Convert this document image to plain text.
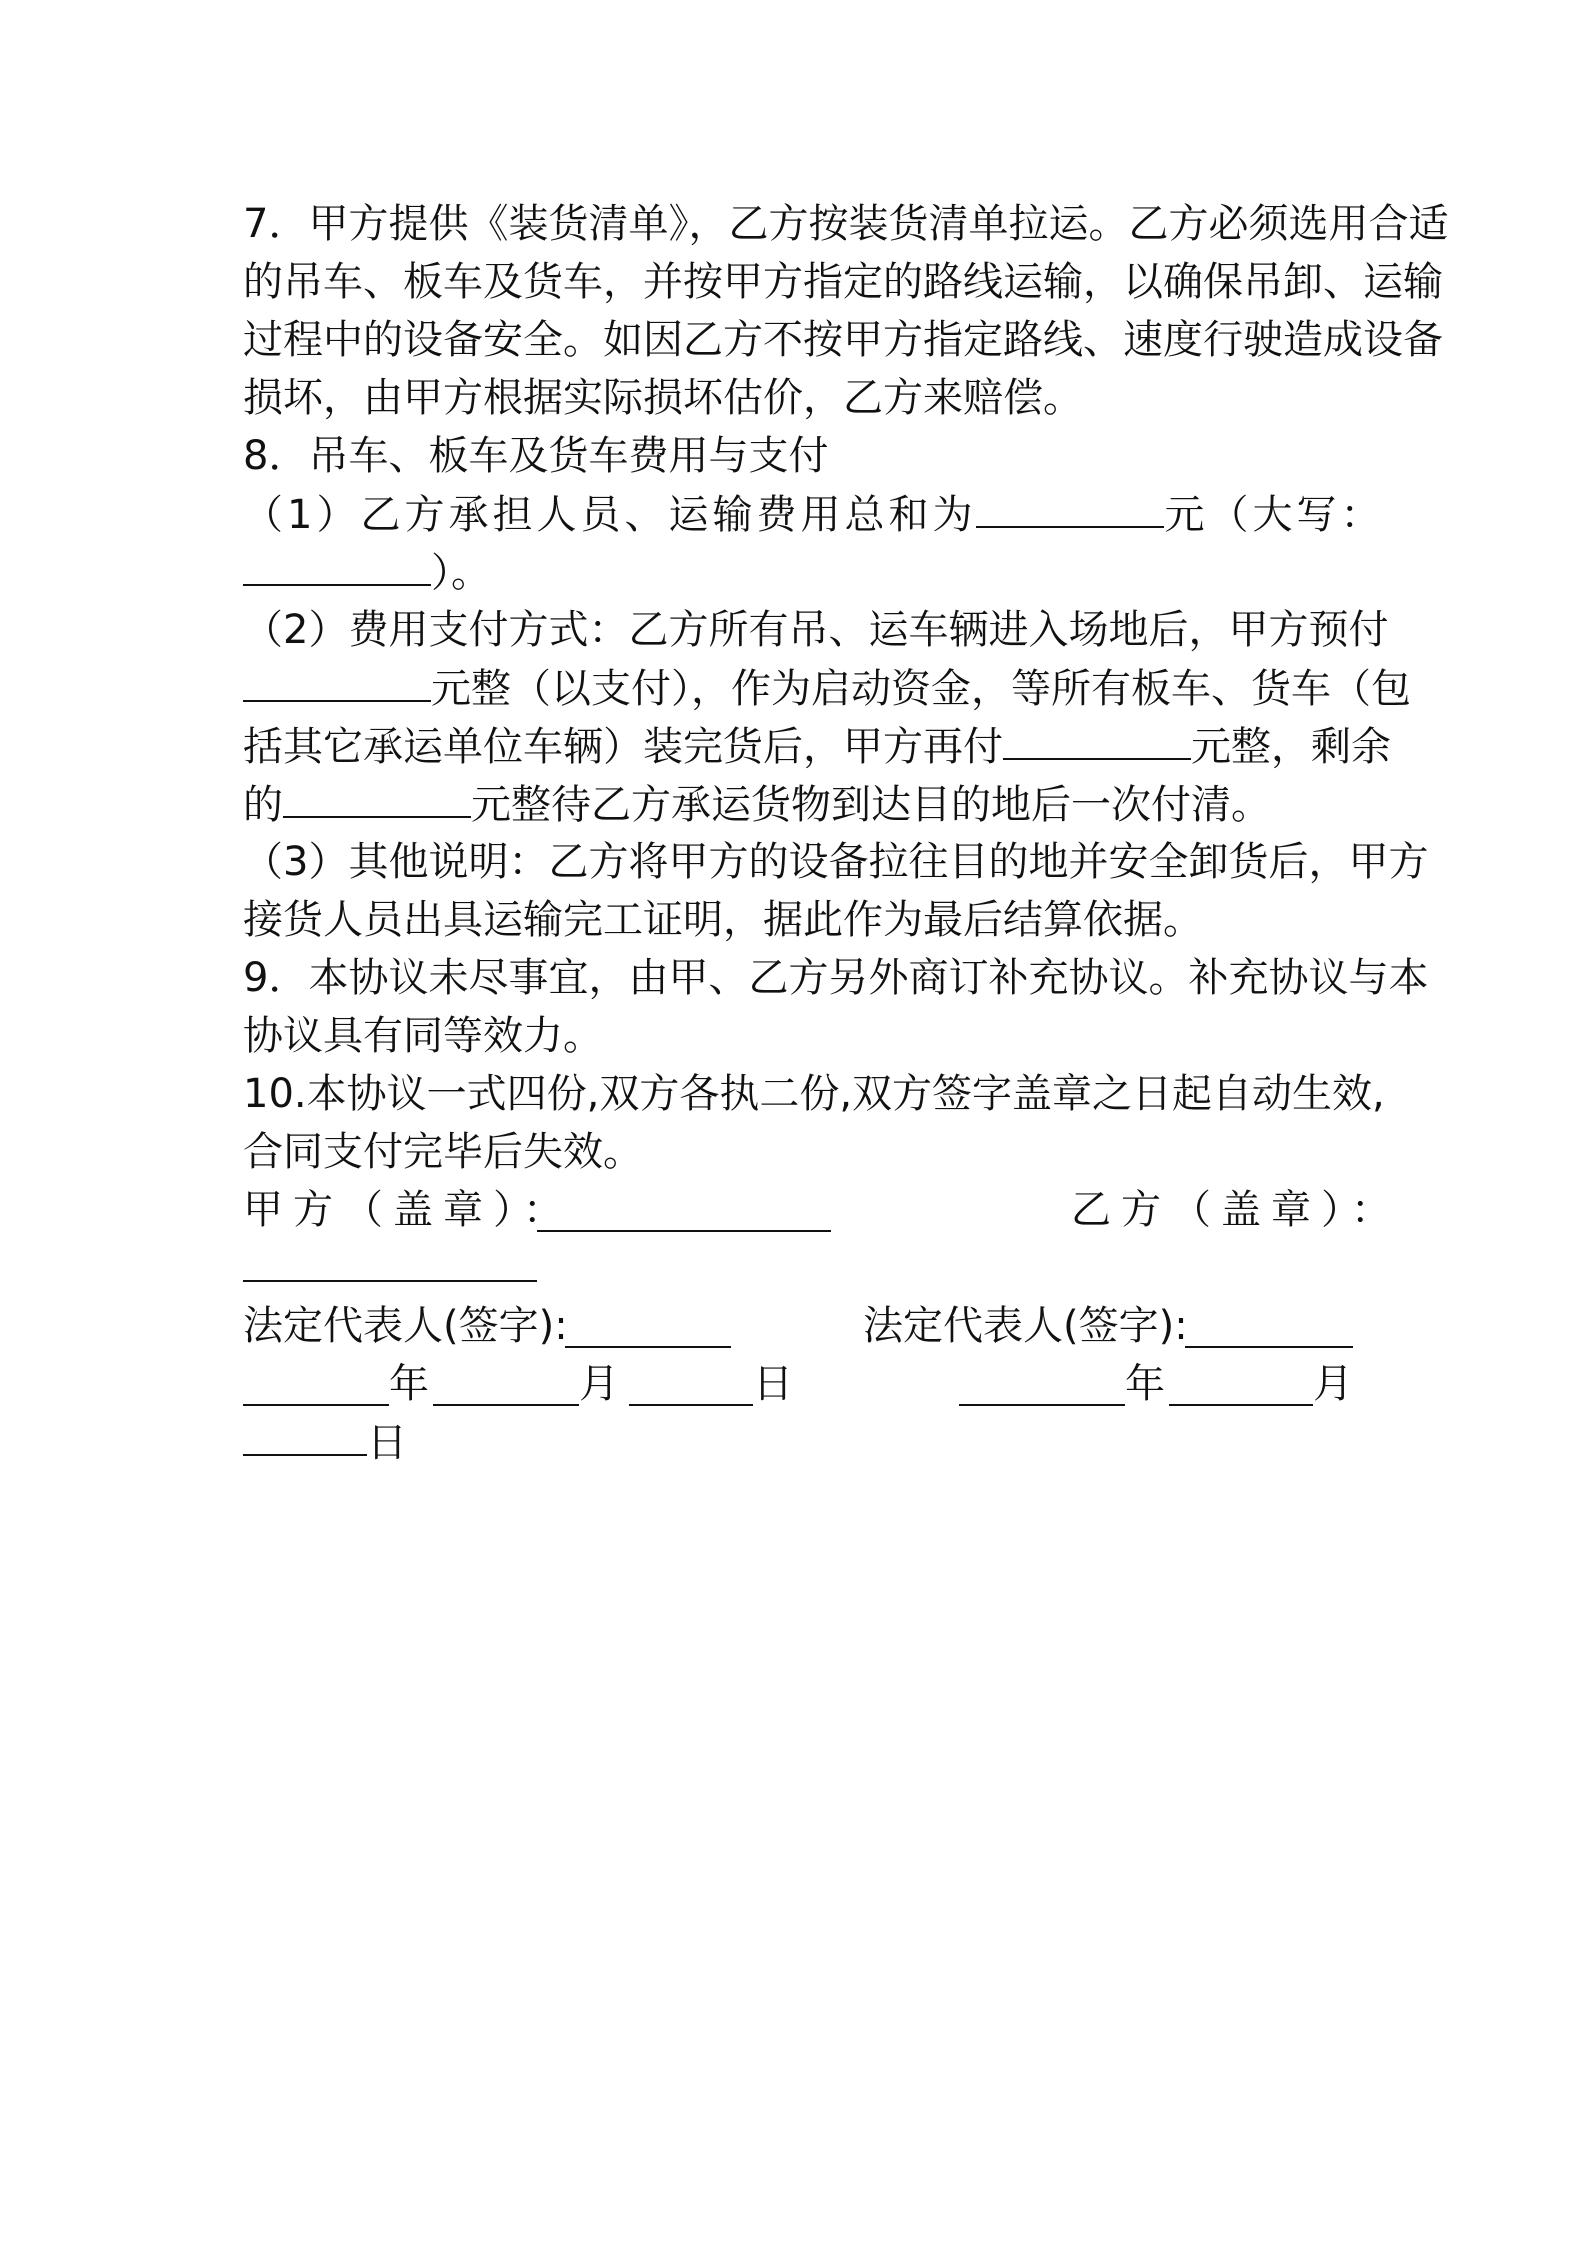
7．甲方提供《装货清单》，乙方按装货清单拉运。乙方必须选用合适
的吊车、板车及货车，并按甲方指定的路线运输，以确保吊卸、运输
过程中的设备安全。如因乙方不按甲方指定路线、速度行驶造成设备
损坏，由甲方根据实际损坏估价，乙方来赔偿。
8．吊车、板车及货车费用与支付
（1）乙方承担人员、运输费用总和为	元（大写：
）。
（2）费用支付方式：乙方所有吊、运车辆进入场地后，甲方预付
元整（以支付），作为启动资金，等所有板车、货车（包
括其它承运单位车辆）装完货后，甲方再付	元整，剩余
的	元整待乙方承运货物到达目的地后一次付清。
（3）其他说明：乙方将甲方的设备拉往目的地并安全卸货后，甲方
接货人员出具运输完工证明，据此作为最后结算依据。
9．本协议未尽事宜，由甲、乙方另外商订补充协议。补充协议与本
协议具有同等效力。
10.本协议一式四份,双方各执二份,双方签字盖章之日起自动生效,
合同支付完毕后失效。
甲方（盖章）：	乙方（盖章）：
法定代表人(签字):	法定代表人(签字):
年	月	日	年	月
日
